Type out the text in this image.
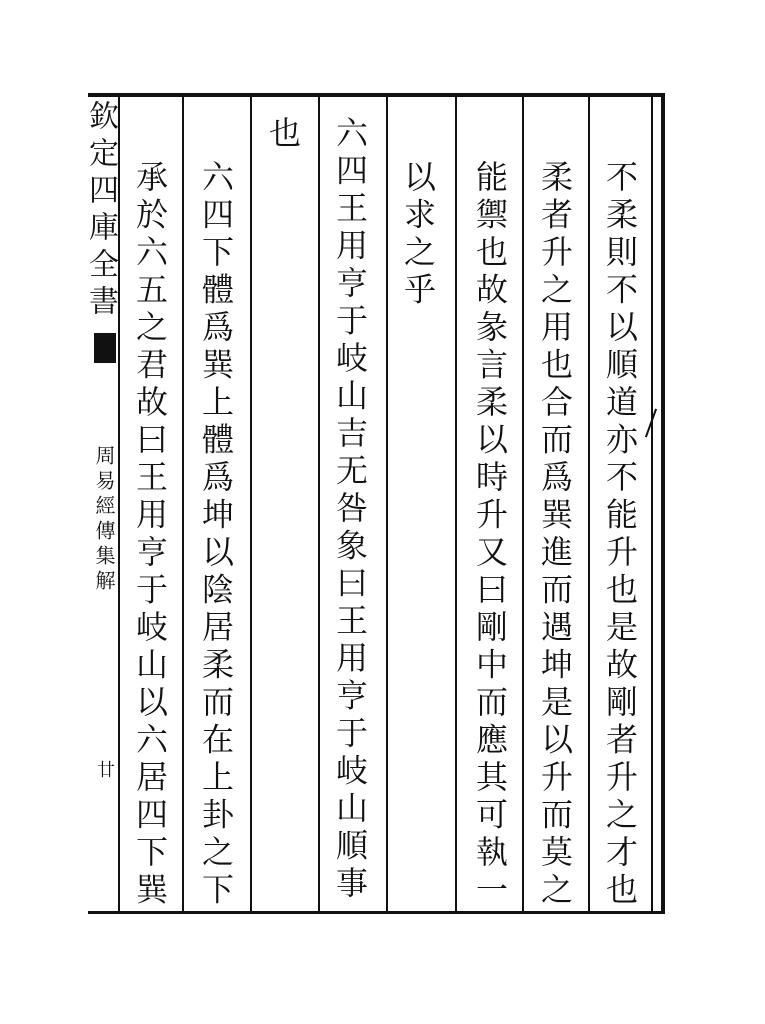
欽定四庫全書
周易經傳集解
廿	不柔則不以順道亦不能升也是故剛者升之才也
柔者升之用也合而爲巽進而遇坤是以升而莫之
能禦也故彖言柔以時升又曰剛中而應其可執一
以求之乎
六四王用亨于岐山吉无咎象曰王用亨于岐山順事
也
六四下體爲巽上體爲坤以陰居柔而在上卦之下
承於六五之君故曰王用亨于岐山以六居四下巽
